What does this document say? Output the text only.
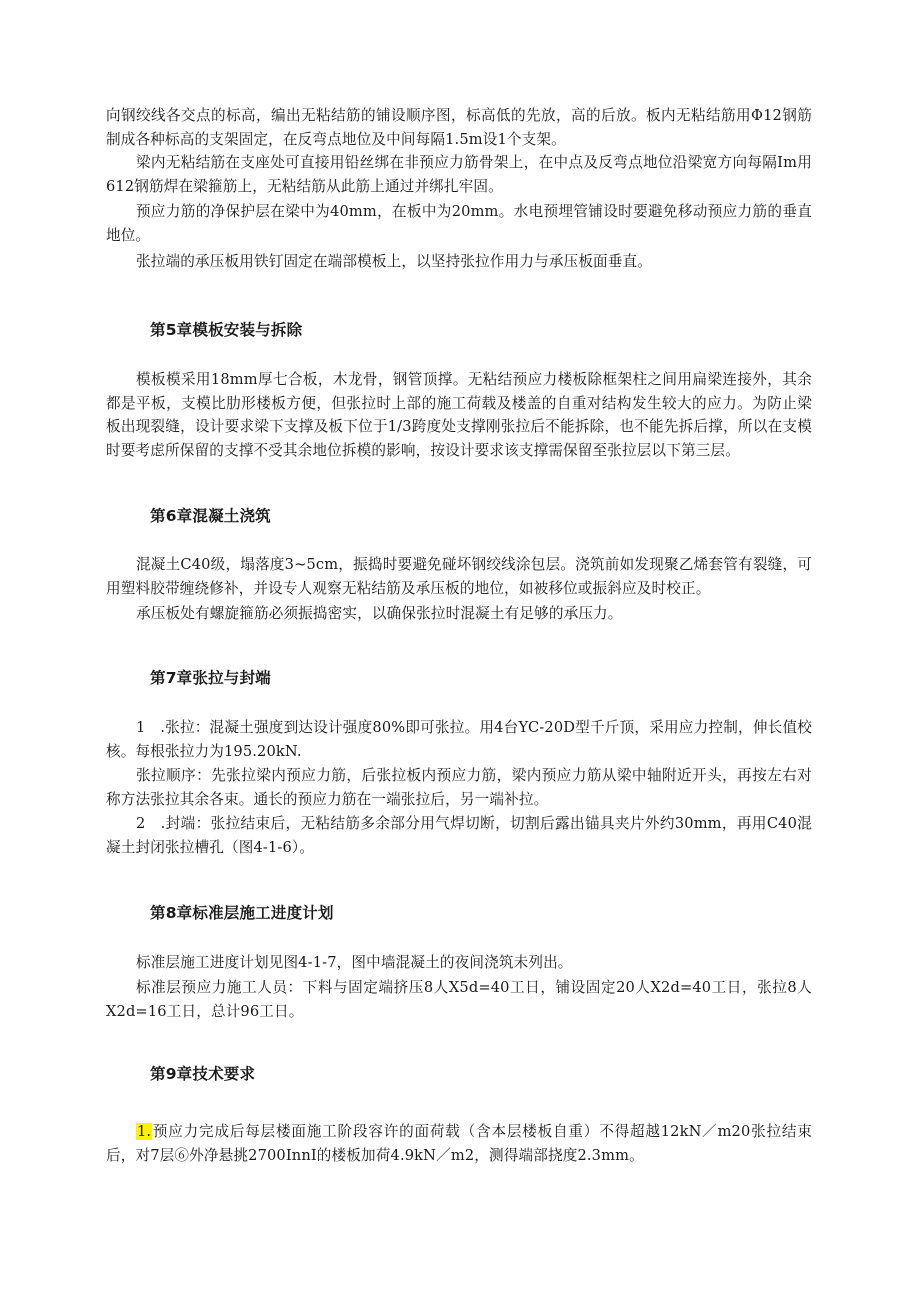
向钢绞线各交点的标高，编出无粘结筋的铺设顺序图，标高低的先放，高的后放。板内无粘结筋用Φ12钢筋制成各种标高的支架固定，在反弯点地位及中间每隔1.5m设1个支架。

梁内无粘结筋在支座处可直接用铅丝绑在非预应力筋骨架上，在中点及反弯点地位沿梁宽方向每隔Im用612钢筋焊在梁箍筋上，无粘结筋从此筋上通过并绑扎牢固。

预应力筋的净保护层在梁中为40mm，在板中为20mm。水电预埋管铺设时要避免移动预应力筋的垂直地位。

张拉端的承压板用铁钉固定在端部模板上，以坚持张拉作用力与承压板面垂直。

第5章模板安装与拆除

模板模采用18mm厚七合板，木龙骨，钢管顶撑。无粘结预应力楼板除框架柱之间用扁梁连接外，其余都是平板，支模比肋形楼板方便，但张拉时上部的施工荷载及楼盖的自重对结构发生较大的应力。为防止梁板出现裂缝，设计要求梁下支撑及板下位于1/3跨度处支撑刚张拉后不能拆除，也不能先拆后撑，所以在支模时要考虑所保留的支撑不受其余地位拆模的影响，按设计要求该支撑需保留至张拉层以下第三层。

第6章混凝土浇筑

混凝土C40级，塌落度3~5cm，振捣时要避免碰坏钢绞线涂包层。浇筑前如发现聚乙烯套管有裂缝，可用塑料胶带缠绕修补，并设专人观察无粘结筋及承压板的地位，如被移位或振斜应及时校正。

承压板处有螺旋箍筋必须振捣密实，以确保张拉时混凝土有足够的承压力。

第7章张拉与封端

1　.张拉：混凝土强度到达设计强度80%即可张拉。用4台YC-20D型千斤顶，采用应力控制，伸长值校核。每根张拉力为195.20kN.

张拉顺序：先张拉梁内预应力筋，后张拉板内预应力筋，梁内预应力筋从梁中轴附近开头，再按左右对称方法张拉其余各束。通长的预应力筋在一端张拉后，另一端补拉。

2　.封端：张拉结束后，无粘结筋多余部分用气焊切断，切割后露出锚具夹片外约30mm，再用C40混凝土封闭张拉槽孔（图4-1-6）。

第8章标准层施工进度计划

标准层施工进度计划见图4-1-7，图中墙混凝土的夜间浇筑未列出。

标准层预应力施工人员：下料与固定端挤压8人X5d=40工日，铺设固定20人X2d=40工日，张拉8人X2d=16工日，总计96工日。

第9章技术要求

1.预应力完成后每层楼面施工阶段容许的面荷载（含本层楼板自重）不得超越12kN／m20张拉结束后，对7层⑥外净悬挑2700InnI的楼板加荷4.9kN／m2，测得端部挠度2.3mm。
